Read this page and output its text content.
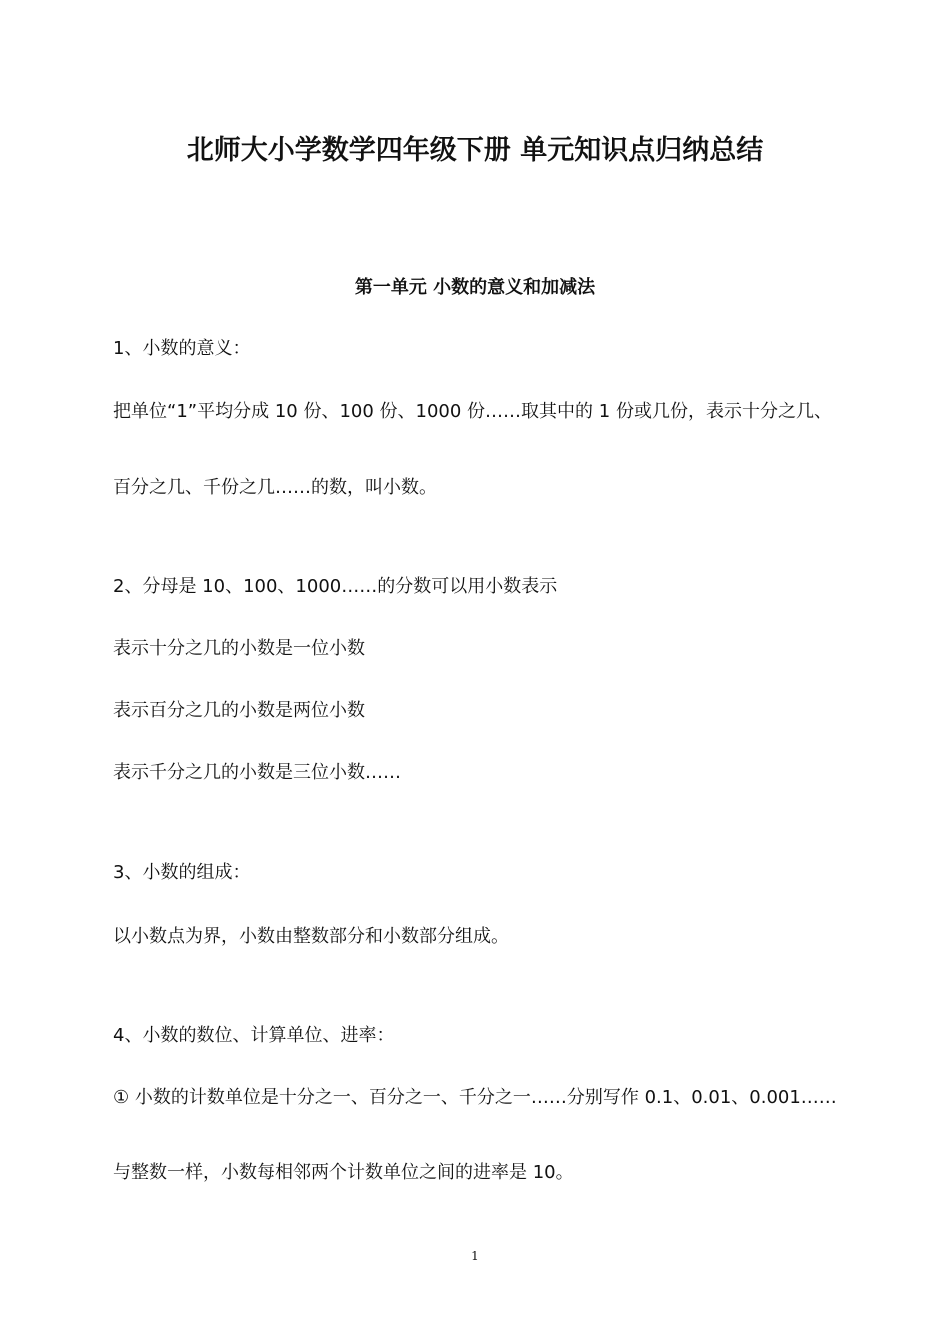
北师大小学数学四年级下册 单元知识点归纳总结
第一单元 小数的意义和加减法
1、小数的意义：
把单位“1”平均分成 10 份、100 份、1000 份……取其中的 1 份或几份，表示十分之几、
百分之几、千份之几……的数，叫小数。
2、分母是 10、100、1000……的分数可以用小数表示
表示十分之几的小数是一位小数
表示百分之几的小数是两位小数
表示千分之几的小数是三位小数……
3、小数的组成：
以小数点为界，小数由整数部分和小数部分组成。
4、小数的数位、计算单位、进率：
① 小数的计数单位是十分之一、百分之一、千分之一……分别写作 0.1、0.01、0.001……
与整数一样，小数每相邻两个计数单位之间的进率是 10。
1
